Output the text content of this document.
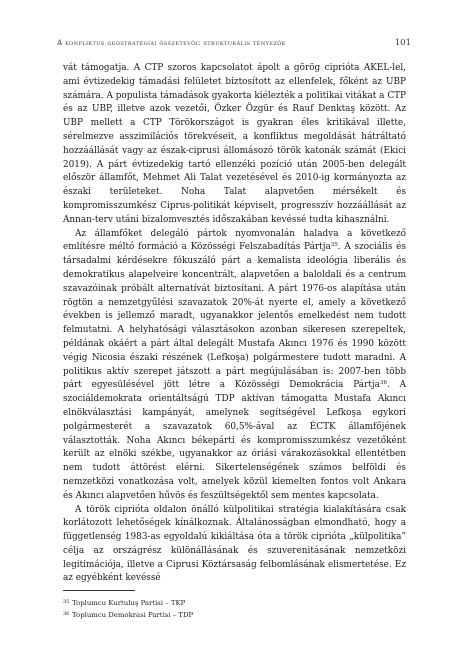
A konfliktus geostratégiai összetevői: strukturális tényezők	101

vát támogatja. A CTP szoros kapcsolatot ápolt a görög cipriόta AKEL-lel, ami évtizedekig támadási felületet biztosított az ellenfelek, főként az UBP számára. A populista támadások gyakorta kiélezték a politikai vitákat a CTP és az UBP, illetve azok vezetői, Özker Özgür és Rauf Denktaş között. Az UBP mellett a CTP Törökországot is gyakran éles kritikával illette, sérelmezve asszimilációs törekvéseit, a konfliktus megoldását hátráltató hozzáállását vagy az észak-ciprusi állomásozó török katonák számát (Ekici 2019). A párt évtizedekig tartó ellenzéki pozíció után 2005-ben delegált először államfőt, Mehmet Ali Talat vezetésével és 2010-ig kormányozta az északi területeket. Noha Talat alapvetően mérsékelt és kompromisszumkész Ciprus-politikát képviselt, progresszív hozzáállását az Annan-terv utáni bizalomvesztés időszakában kevéssé tudta kihasználni.

Az államfőket delegáló pártok nyomvonalán haladva a következő említésre méltó formáció a Közösségi Felszabadítás Pártja$^{35}$. A szociális és társadalmi kérdésekre fókuszáló párt a kemalista ideológia liberális és demokratikus alapelveire koncentrált, alapvetően a baloldali és a centrum szavazóinak próbált alternatívát biztosítani. A párt 1976-os alapítása után rögtön a nemzetgyűlési szavazatok 20%-át nyerte el, amely a következő években is jellemző maradt, ugyanakkor jelentős emelkedést nem tudott felmutatni. A helyhatósági választásokon azonban sikeresen szerepeltek, példának okáért a párt által delegált Mustafa Akıncı 1976 és 1990 között végig Nicosia északi részének (Lefkoşa) polgármestere tudott maradni. A politikus aktív szerepet játszott a párt megújulásában is: 2007-ben több párt egyesülésével jött létre a Közösségi Demokrácia Pártja$^{36}$. A szociáldemokrata orientáltságú TDP aktívan támogatta Mustafa Akıncı elnökválasztási kampányát, amelynek segítségével Lefkoşa egykori polgármesterét a szavazatok 60,5%-ával az ÉCTK államfőjének választották. Noha Akıncı békepárti és kompromisszumkész vezetőként került az elnöki székbe, ugyanakkor az óriási várakozásokkal ellentétben nem tudott áttörést elérni. Sikertelenségének számos belföldi és nemzetközi vonatkozása volt, amelyek közül kiemelten fontos volt Ankara és Akıncı alapvetően hűvös és feszültségektől sem mentes kapcsolata.

A török cipriόta oldalon önálló külpolitikai stratégia kialakítására csak korlátozott lehetőségek kínálkoznak. Általánosságban elmondható, hogy a függetlenség 1983-as egyoldalú kikiáltása óta a török cipriόta „külpolitika” célja az országrész különállásának és szuverenitásának nemzetközi legitimációja, illetve a Ciprusi Köztársaság felbomlásának elismertetése. Ez az egyébként kevéssé

35 Toplumcu Kurtuluş Partisi – TKP
36 Toplumcu Demokrasi Partisi – TDP
